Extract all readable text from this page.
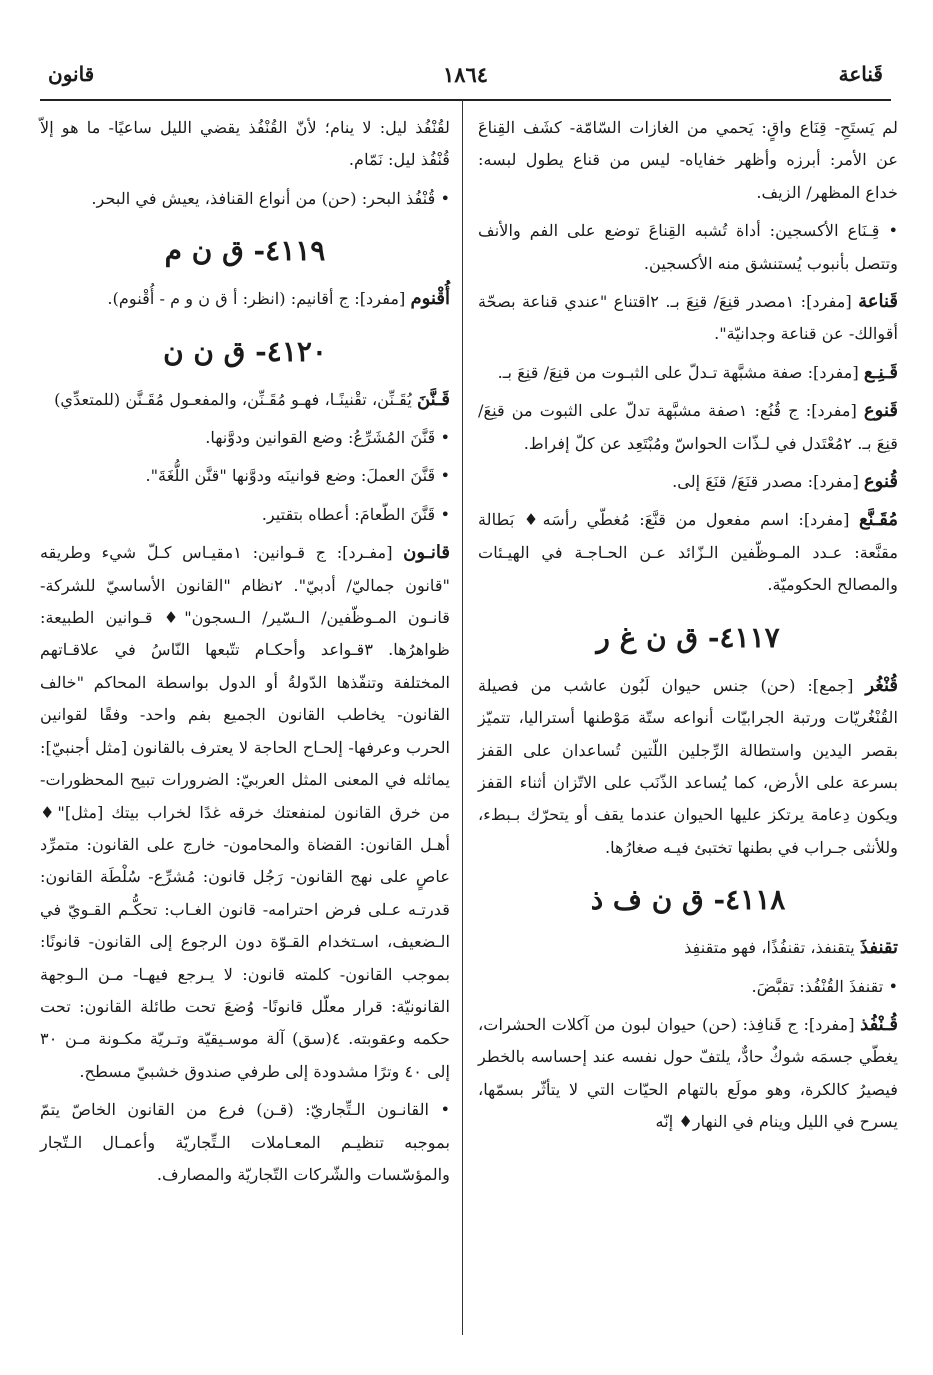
قَناعة
١٨٦٤
قانون

لم يَستَحِ- قِنَاع واقٍ: يَحمي من الغازات السّامّة- كشَف القِناعَ عن الأمر: أبرزه وأظهر خفاياه- ليس من قناع يطول لبسه: خداع المظهر/ الزيف.

• قِـنَاع الأكسجين: أداة تُشبه القِناعَ توضع على الفم والأنف وتتصل بأنبوب يُستنشق منه الأكسجين.

قَناعة [مفرد]: ١مصدر قنِعَ/ قنِعَ بـ. ٢اقتناع "عندي قناعة بصحّة أقوالك- عن قناعة وجدانيّة".

قَـنِـع [مفرد]: صفة مشبَّهة تـدلّ على الثبـوت من قنِعَ/ قنِعَ بـ.

قَنوع [مفرد]: ج قُنُع: ١صفة مشبَّهة تدلّ على الثبوت من قنِعَ/ قنِعَ بـ. ٢مُعْتَدل في لـذّات الحواسّ ومُبْتَعِد عن كلّ إفراط.

قُنوع [مفرد]: مصدر قنَعَ/ قنَعَ إلى.

مُقَـنَّع [مفرد]: اسم مفعول من قنَّعَ: مُغطّي رأسَه♦ بَطالة مقنَّعة: عـدد المـوظّفين الـزّائد عـن الحـاجـة في الهيـئات والمصالح الحكوميّة.

٤١١٧- ق ن غ ر

قُنْغُر [جمع]: (حن) جنس حيوان لَبُون عاشب من فصيلة القُنْغُريّات ورتبة الجرابيّات أنواعه ستّة مَوْطنها أستراليا، تتميّز بقصر اليدين واستطالة الرِّجلين اللّتين تُساعدان على القفز بسرعة على الأرض، كما يُساعد الذّنَب على الاتّزان أثناء القفز ويكون دِعامة يرتكز عليها الحيوان عندما يقف أو يتحرّك بـبطء، وللأنثى جـراب في بطنها تختبئ فيـه صغارُها.

٤١١٨- ق ن ف ذ

تقنفذَ يتقنفذ، تقنفُذًا، فهو متقنفِذ

• تقنفذَ القُنْفُذ: تقبَّضَ.

قُـنْفُذ [مفرد]: ج قَنافِذ: (حن) حيوان لبون من آكلات الحشرات، يغطّي جسمَه شوكٌ حادٌّ، يلتفّ حول نفسه عند إحساسه بالخطر فيصيرُ كالكرة، وهو مولَع بالتهام الحيّات التي لا يتأثّر بسمّها، يسرح في الليل وينام في النهار♦ إنّه

لقُنْفُذ ليل: لا ينام؛ لأنّ القُنْفُذ يقضي الليل ساعيًا- ما هو إلاّ قُنْفُذ ليل: نَمّام.

• قُنْفُذ البحر: (حن) من أنواع القنافذ، يعيش في البحر.

٤١١٩- ق ن م

أُقْنوم [مفرد]: ج أقانيم: (انظر: أ ق ن و م - أُقْنوم).

٤١٢٠- ق ن ن

قَـنَّنَ يُقَـنِّن، تقْنينًـا، فهـو مُقَـنِّن، والمفعـول مُقَـنَّن (للمتعدِّي)

• قَنَّنَ المُشَرِّعُ: وضع القوانين ودوَّنها.

• قَنَّنَ العملَ: وضع قوانينَه ودوَّنها "قنَّن اللُّغَةَ".

• قَنَّنَ الطّعامَ: أعطاه بتقتير.

قانـون [مفـرد]: ج قـوانين: ١مقيـاس كـلّ شيء وطريقه "قانون جماليّ/ أدبيّ". ٢نظام "القانون الأساسيّ للشركة- قانـون المـوظّفين/ الـسّير/ الـسجون"♦ قـوانين الطبيعة: ظواهرُها. ٣قـواعد وأحكـام تتّبعها النّاسُ في علاقـاتهم المختلفة وتنفّذها الدّولةُ أو الدول بواسطة المحاكم "خالف القانون- يخاطب القانون الجميع بفم واحد- وفقًا لقوانين الحرب وعرفها- إلحـاح الحاجة لا يعترف بالقانون [مثل أجنبيّ]: يماثله في المعنى المثل العربيّ: الضرورات تبيح المحظورات- من خرق القانون لمنفعتك خرقه غدًا لخراب بيتك [مثل]"♦ أهـل القانون: القضاة والمحامون- خارج على القانون: متمرِّد عاصٍ على نهج القانون- رَجُل قانون: مُشرِّع- سُلْطَة القانون: قدرتـه عـلى فرض احترامه- قانون الغـاب: تحكُّـم القـويّ في الـضعيف، اسـتخدام القـوّة دون الرجوع إلى القانون- قانونًا: بموجب القانون- كلمته قانون: لا يـرجع فيهـا- مـن الـوجهة القانونيّة: قرار معلّل قانونًا- وُضعَ تحت طائلة القانون: تحت حكمه وعقوبته. ٤(سق) آلة موسـيقيّة وتـريّة مكـونة مـن ٣٠ إلى ٤٠ وترًا مشدودة إلى طرفي صندوق خشبيّ مسطح.

• القانـون الـتِّجاريّ: (قـن) فرع من القانون الخاصّ يتمّ بموجبه تنظيـم المعـاملات الـتِّجاريّة وأعمـال الـتّجار والمؤسّسات والشّركات التّجاريّة والمصارف.
